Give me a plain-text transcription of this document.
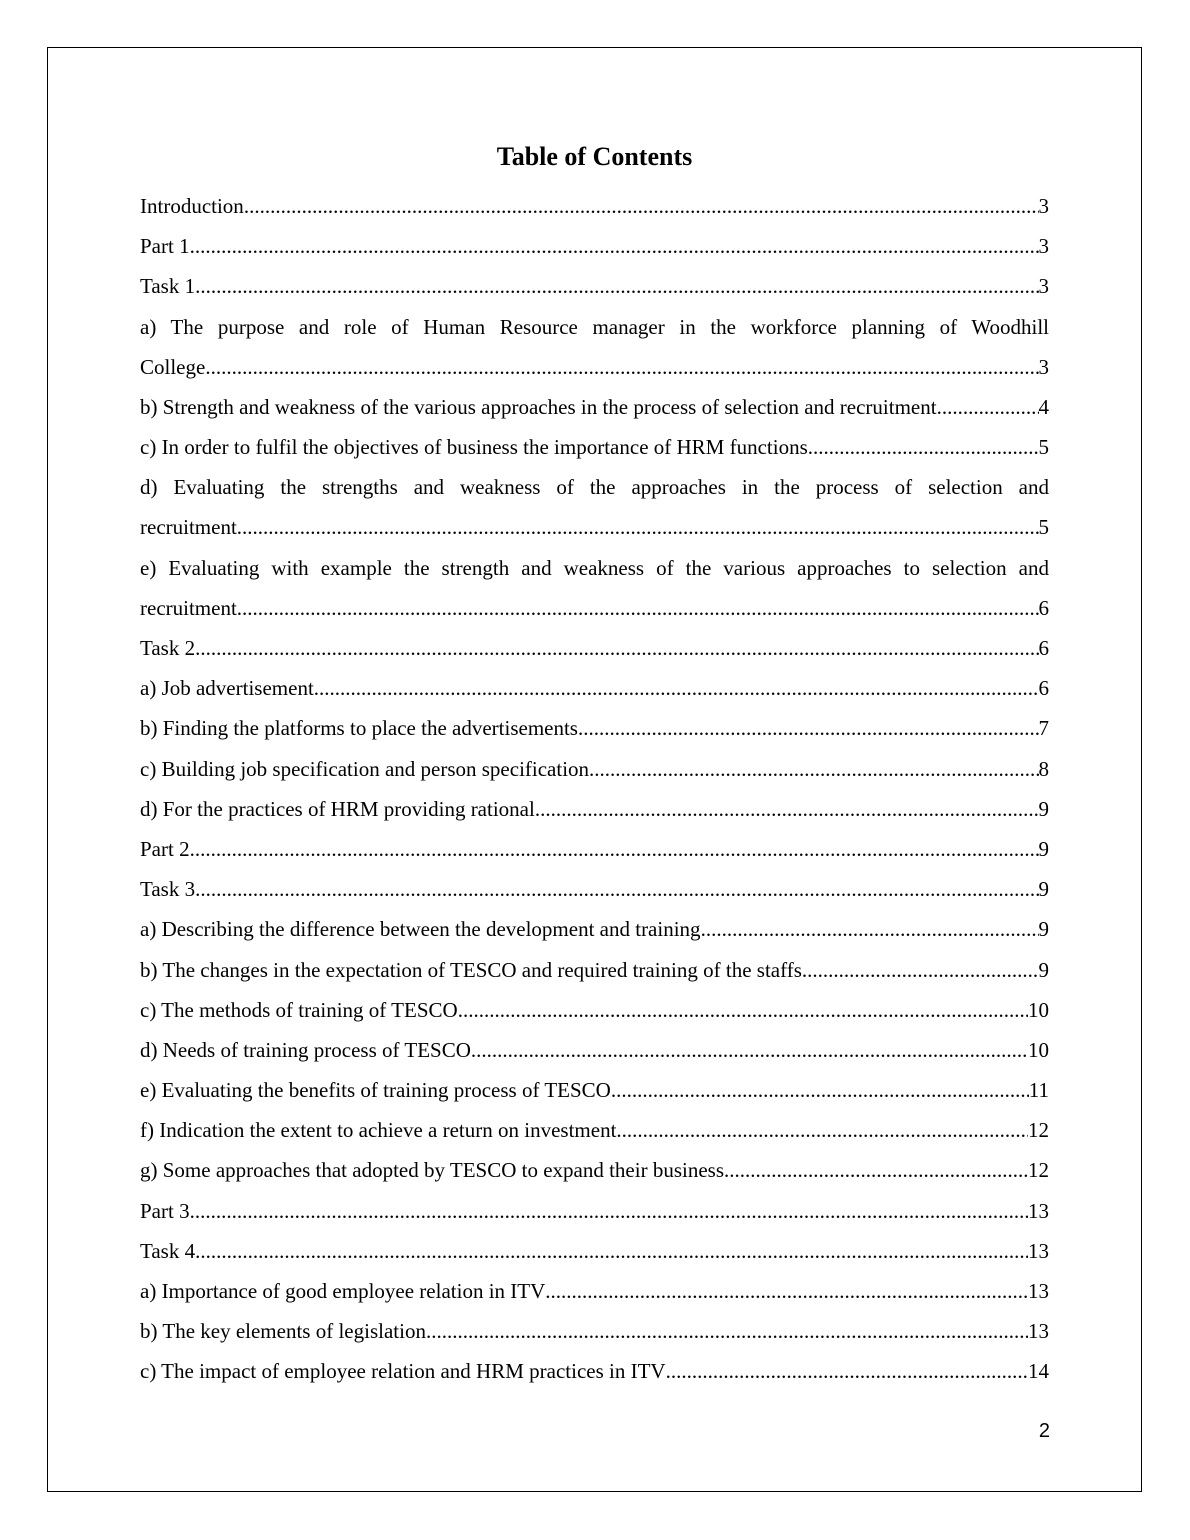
Table of Contents
Introduction .....	3
Part 1 .....	3
Task 1 .....	3
a) The purpose and role of Human Resource manager in the workforce planning of Woodhill
College .....	3
b) Strength and weakness of the various approaches in the process of selection and recruitment. .....	4
c) In order to fulfil the objectives of business the importance of HRM functions .....	5
d) Evaluating the strengths and weakness of the approaches in the process of selection and
recruitment .....	5
e) Evaluating with example the strength and weakness of the various approaches to selection and
recruitment .....	6
Task 2 .....	6
a) Job advertisement .....	6
b) Finding the platforms to place the advertisements .....	7
c) Building job specification and person specification .....	8
d) For the practices of HRM providing rational .....	9
Part 2 .....	9
Task 3 .....	9
a) Describing the difference between the development and training .....	9
b) The changes in the expectation of TESCO and required training of the staffs .....	9
c) The methods of training of TESCO .....	10
d) Needs of training process of TESCO .....	10
e) Evaluating the benefits of training process of TESCO .....	11
f) Indication the extent to achieve a return on investment .....	12
g) Some approaches that adopted by TESCO to expand their business .....	12
Part 3 .....	13
Task 4 .....	13
a) Importance of good employee relation in ITV .....	13
b) The key elements of legislation .....	13
c) The impact of employee relation and HRM practices in ITV .....	14
2
